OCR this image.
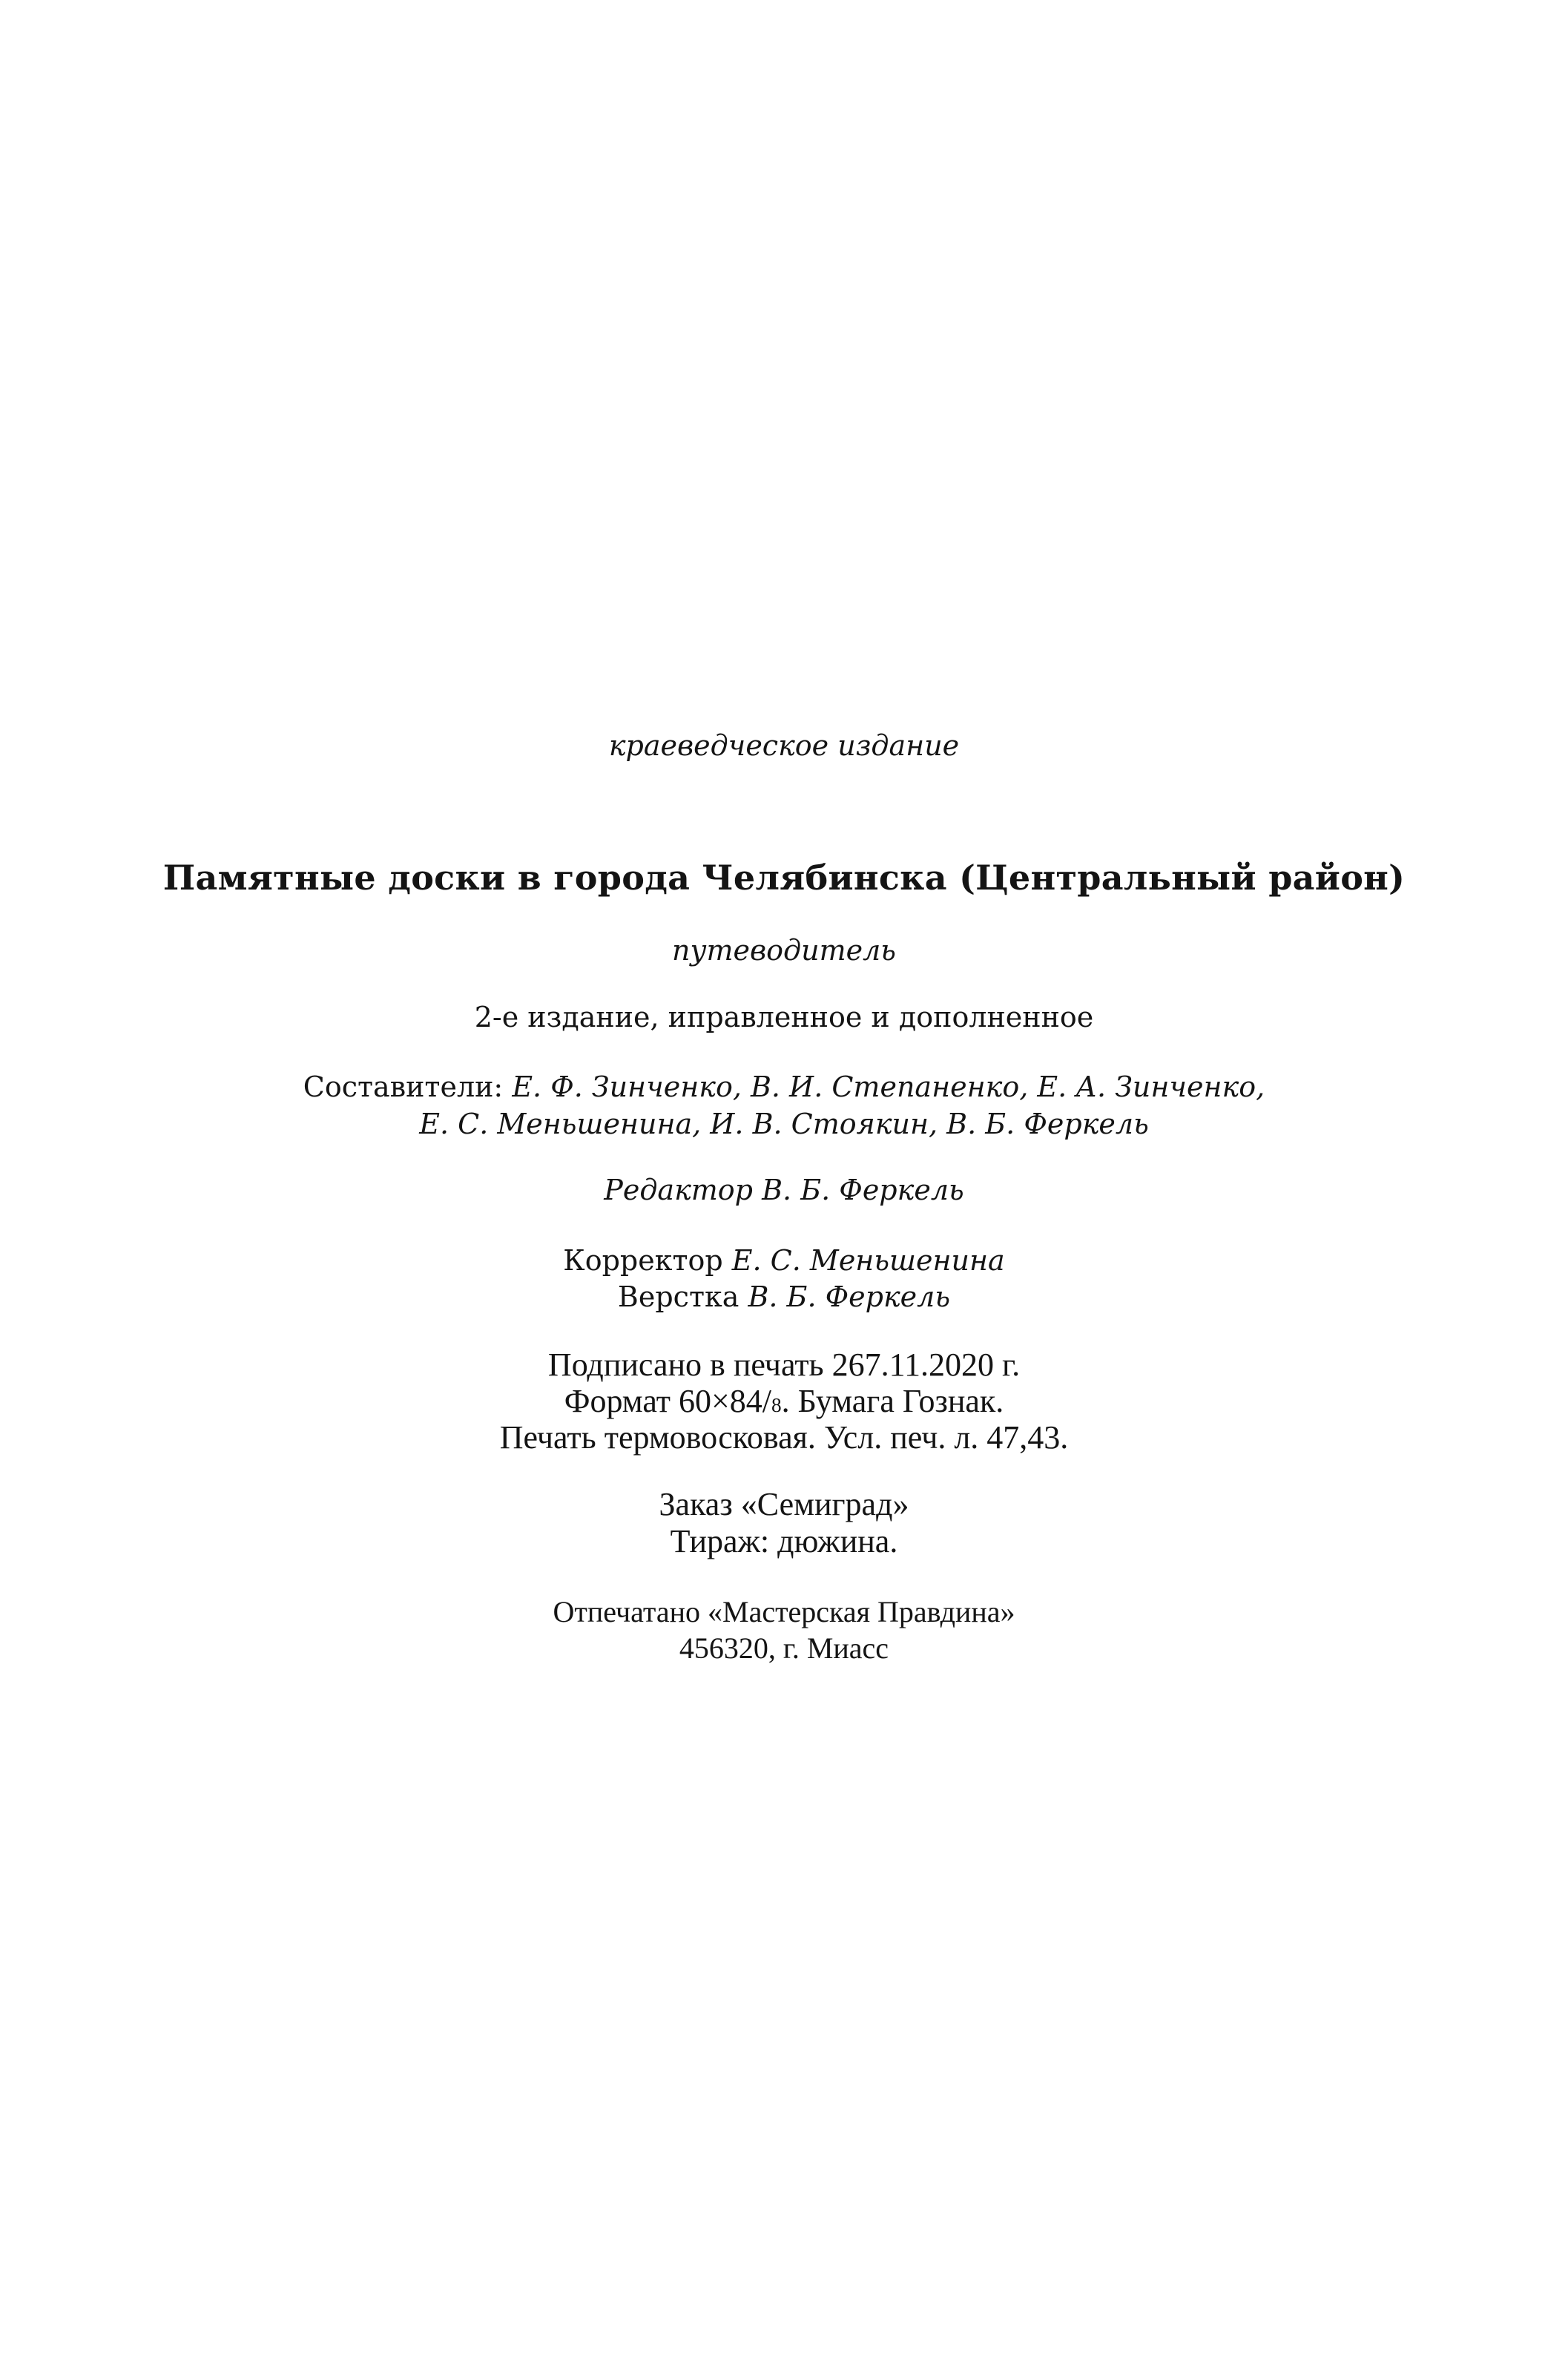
краеведческое издание
Памятные доски в города Челябинска (Центральный район)
путеводитель
2-е издание, иправленное и дополненное
Составители: Е. Ф. Зинченко, В. И. Степаненко, Е. А. Зинченко,
Е. С. Меньшенина, И. В. Стоякин, В. Б. Феркель
Редактор В. Б. Феркель
Корректор Е. С. Меньшенина
Верстка В. Б. Феркель
Подписано в печать 267.11.2020 г.
Формат 60×84/8. Бумага Гознак.
Печать термовосковая. Усл. печ. л. 47,43.
Заказ «Семиград»
Тираж: дюжина.
Отпечатано «Мастерская Правдина»
456320, г. Миасс
